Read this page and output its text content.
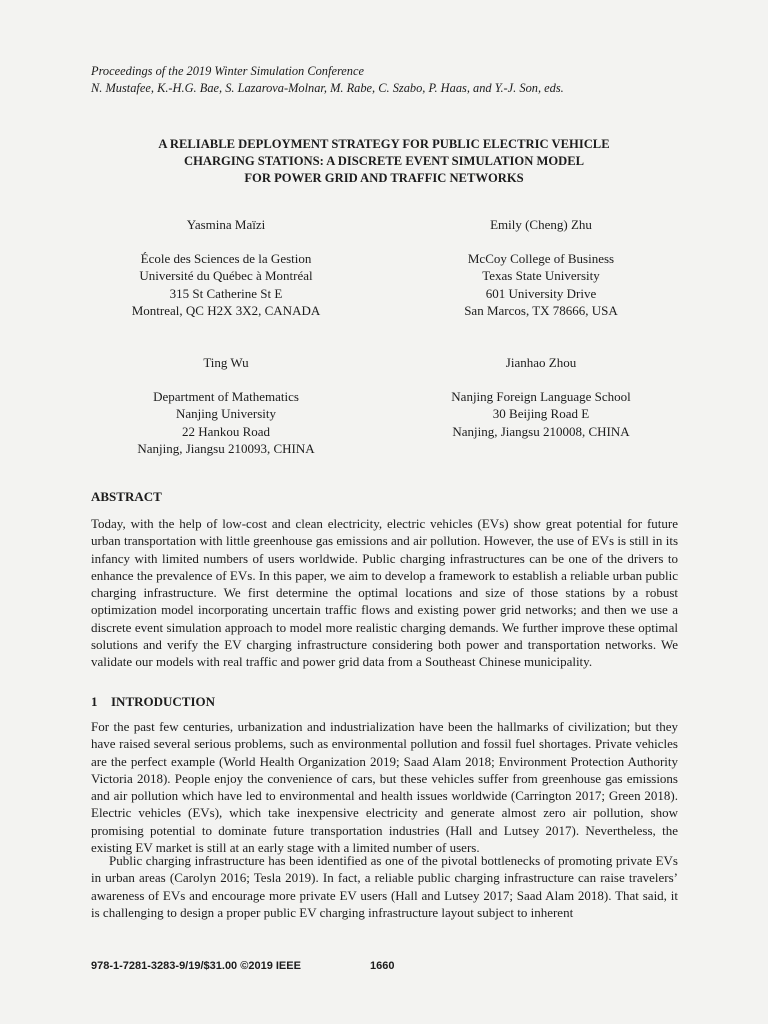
Proceedings of the 2019 Winter Simulation Conference
N. Mustafee, K.-H.G. Bae, S. Lazarova-Molnar, M. Rabe, C. Szabo, P. Haas, and Y.-J. Son, eds.
A RELIABLE DEPLOYMENT STRATEGY FOR PUBLIC ELECTRIC VEHICLE
CHARGING STATIONS: A DISCRETE EVENT SIMULATION MODEL
FOR POWER GRID AND TRAFFIC NETWORKS
Yasmina Maïzi
École des Sciences de la Gestion
Université du Québec à Montréal
315 St Catherine St E
Montreal, QC H2X 3X2, CANADA
Emily (Cheng) Zhu
McCoy College of Business
Texas State University
601 University Drive
San Marcos, TX 78666, USA
Ting Wu
Department of Mathematics
Nanjing University
22 Hankou Road
Nanjing, Jiangsu 210093, CHINA
Jianhao Zhou
Nanjing Foreign Language School
30 Beijing Road E
Nanjing, Jiangsu 210008, CHINA
ABSTRACT

Today, with the help of low-cost and clean electricity, electric vehicles (EVs) show great potential for future urban transportation with little greenhouse gas emissions and air pollution. However, the use of EVs is still in its infancy with limited numbers of users worldwide. Public charging infrastructures can be one of the drivers to enhance the prevalence of EVs. In this paper, we aim to develop a framework to establish a reliable urban public charging infrastructure. We first determine the optimal locations and size of those stations by a robust optimization model incorporating uncertain traffic flows and existing power grid networks; and then we use a discrete event simulation approach to model more realistic charging demands. We further improve these optimal solutions and verify the EV charging infrastructure considering both power and transportation networks. We validate our models with real traffic and power grid data from a Southeast Chinese municipality.

1 INTRODUCTION

For the past few centuries, urbanization and industrialization have been the hallmarks of civilization; but they have raised several serious problems, such as environmental pollution and fossil fuel shortages. Private vehicles are the perfect example (World Health Organization 2019; Saad Alam 2018; Environment Protection Authority Victoria 2018). People enjoy the convenience of cars, but these vehicles suffer from greenhouse gas emissions and air pollution which have led to environmental and health issues worldwide (Carrington 2017; Green 2018). Electric vehicles (EVs), which take inexpensive electricity and generate almost zero air pollution, show promising potential to dominate future transportation industries (Hall and Lutsey 2017). Nevertheless, the existing EV market is still at an early stage with a limited number of users.

Public charging infrastructure has been identified as one of the pivotal bottlenecks of promoting private EVs in urban areas (Carolyn 2016; Tesla 2019). In fact, a reliable public charging infrastructure can raise travelers’ awareness of EVs and encourage more private EV users (Hall and Lutsey 2017; Saad Alam 2018). That said, it is challenging to design a proper public EV charging infrastructure layout subject to inherent

978-1-7281-3283-9/19/$31.00 ©2019 IEEE	1660
